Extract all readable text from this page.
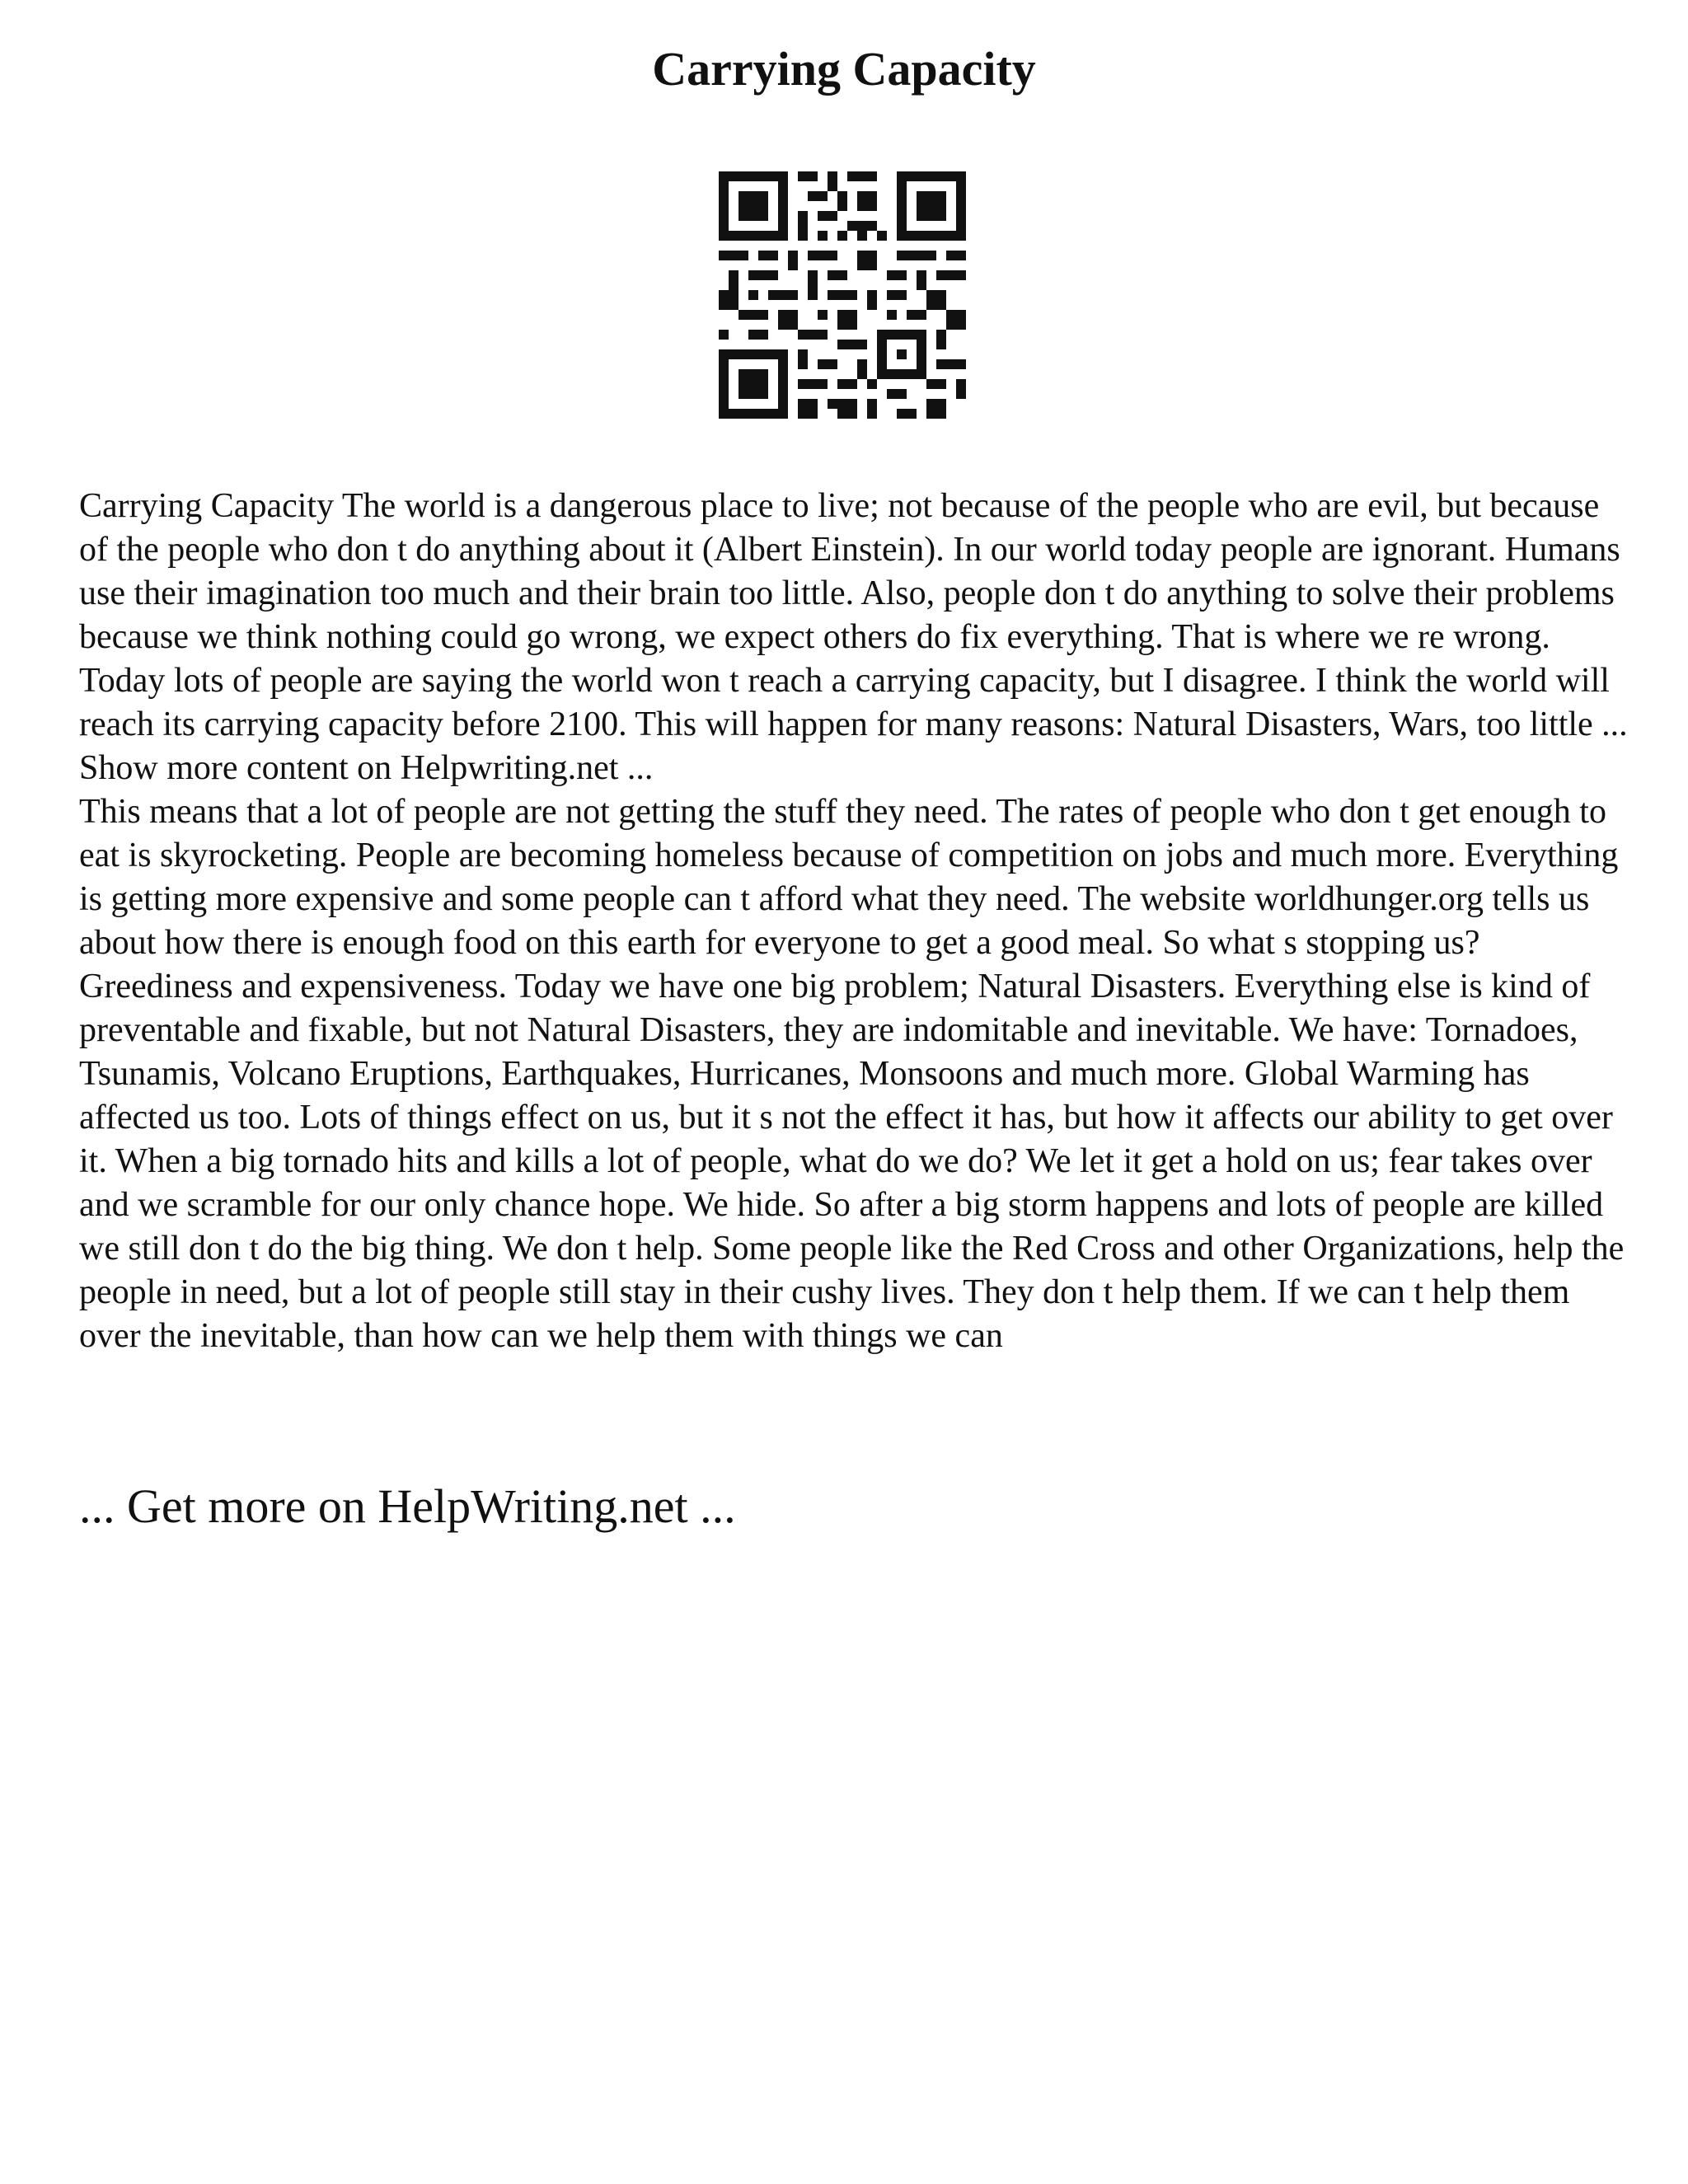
Carrying Capacity

Carrying Capacity The world is a dangerous place to live; not because of the people who are evil, but because of the people who don t do anything about it (Albert Einstein). In our world today people are ignorant. Humans use their imagination too much and their brain too little. Also, people don t do anything to solve their problems because we think nothing could go wrong, we expect others do fix everything. That is where we re wrong. Today lots of people are saying the world won t reach a carrying capacity, but I disagree. I think the world will reach its carrying capacity before 2100. This will happen for many reasons: Natural Disasters, Wars, too little ... Show more content on Helpwriting.net ...

This means that a lot of people are not getting the stuff they need. The rates of people who don t get enough to eat is skyrocketing. People are becoming homeless because of competition on jobs and much more. Everything is getting more expensive and some people can t afford what they need. The website worldhunger.org tells us about how there is enough food on this earth for everyone to get a good meal. So what s stopping us? Greediness and expensiveness. Today we have one big problem; Natural Disasters. Everything else is kind of preventable and fixable, but not Natural Disasters, they are indomitable and inevitable. We have: Tornadoes, Tsunamis, Volcano Eruptions, Earthquakes, Hurricanes, Monsoons and much more. Global Warming has affected us too. Lots of things effect on us, but it s not the effect it has, but how it affects our ability to get over it. When a big tornado hits and kills a lot of people, what do we do? We let it get a hold on us; fear takes over and we scramble for our only chance hope. We hide. So after a big storm happens and lots of people are killed we still don t do the big thing. We don t help. Some people like the Red Cross and other Organizations, help the people in need, but a lot of people still stay in their cushy lives. They don t help them. If we can t help them over the inevitable, than how can we help them with things we can

... Get more on HelpWriting.net ...
